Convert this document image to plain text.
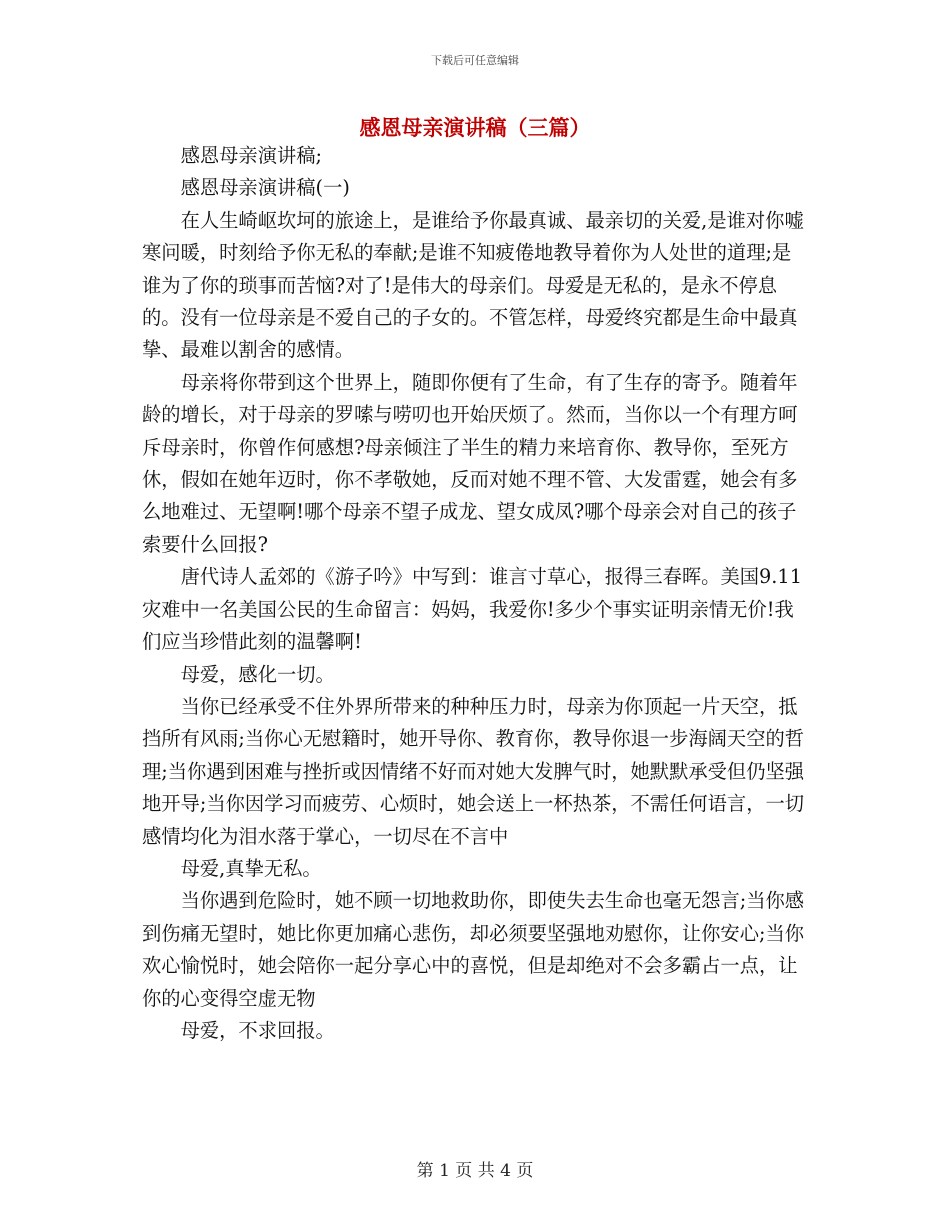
下载后可任意编辑
感恩母亲演讲稿（三篇）

感恩母亲演讲稿;

感恩母亲演讲稿(一)

在人生崎岖坎坷的旅途上，是谁给予你最真诚、最亲切的关爱,是谁对你嘘寒问暖，时刻给予你无私的奉献;是谁不知疲倦地教导着你为人处世的道理;是谁为了你的琐事而苦恼?对了!是伟大的母亲们。母爱是无私的，是永不停息的。没有一位母亲是不爱自己的子女的。不管怎样，母爱终究都是生命中最真挚、最难以割舍的感情。

母亲将你带到这个世界上，随即你便有了生命，有了生存的寄予。随着年龄的增长，对于母亲的罗嗦与唠叨也开始厌烦了。然而，当你以一个有理方呵斥母亲时，你曾作何感想?母亲倾注了半生的精力来培育你、教导你，至死方休，假如在她年迈时，你不孝敬她，反而对她不理不管、大发雷霆，她会有多么地难过、无望啊!哪个母亲不望子成龙、望女成凤?哪个母亲会对自己的孩子索要什么回报?

唐代诗人孟郊的《游子吟》中写到：谁言寸草心，报得三春晖。美国9.11灾难中一名美国公民的生命留言：妈妈，我爱你!多少个事实证明亲情无价!我们应当珍惜此刻的温馨啊!

母爱，感化一切。

当你已经承受不住外界所带来的种种压力时，母亲为你顶起一片天空，抵挡所有风雨;当你心无慰籍时，她开导你、教育你，教导你退一步海阔天空的哲理;当你遇到困难与挫折或因情绪不好而对她大发脾气时，她默默承受但仍坚强地开导;当你因学习而疲劳、心烦时，她会送上一杯热茶，不需任何语言，一切感情均化为泪水落于掌心，一切尽在不言中

母爱,真挚无私。

当你遇到危险时，她不顾一切地救助你，即使失去生命也毫无怨言;当你感到伤痛无望时，她比你更加痛心悲伤，却必须要坚强地劝慰你，让你安心;当你欢心愉悦时，她会陪你一起分享心中的喜悦，但是却绝对不会多霸占一点，让你的心变得空虚无物

母爱，不求回报。

第 1 页 共 4 页
